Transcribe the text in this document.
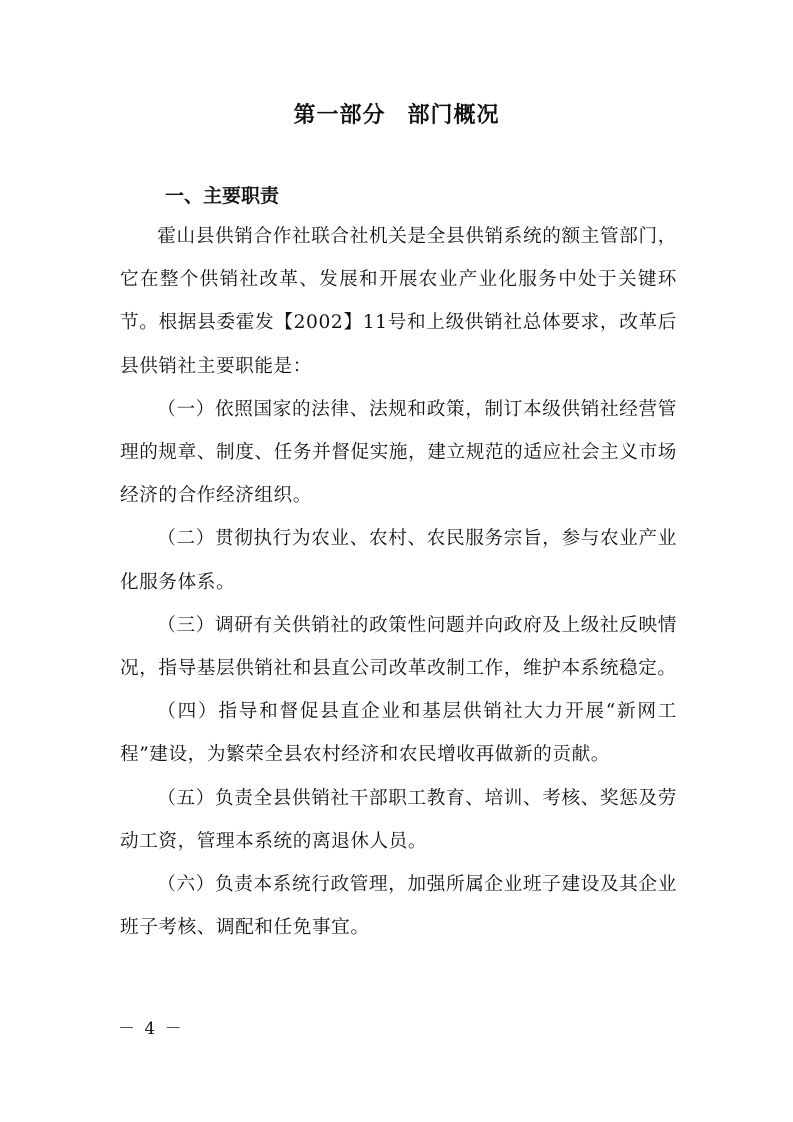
第一部分 部门概况
一、主要职责

霍山县供销合作社联合社机关是全县供销系统的额主管部门，它在整个供销社改革、发展和开展农业产业化服务中处于关键环节。根据县委霍发【2002】11号和上级供销社总体要求，改革后县供销社主要职能是：

（一）依照国家的法律、法规和政策，制订本级供销社经营管理的规章、制度、任务并督促实施，建立规范的适应社会主义市场经济的合作经济组织。

（二）贯彻执行为农业、农村、农民服务宗旨，参与农业产业化服务体系。

（三）调研有关供销社的政策性问题并向政府及上级社反映情况，指导基层供销社和县直公司改革改制工作，维护本系统稳定。

（四）指导和督促县直企业和基层供销社大力开展“新网工程”建设，为繁荣全县农村经济和农民增收再做新的贡献。

（五）负责全县供销社干部职工教育、培训、考核、奖惩及劳动工资，管理本系统的离退休人员。

（六）负责本系统行政管理，加强所属企业班子建设及其企业班子考核、调配和任免事宜。

－ 4 －
